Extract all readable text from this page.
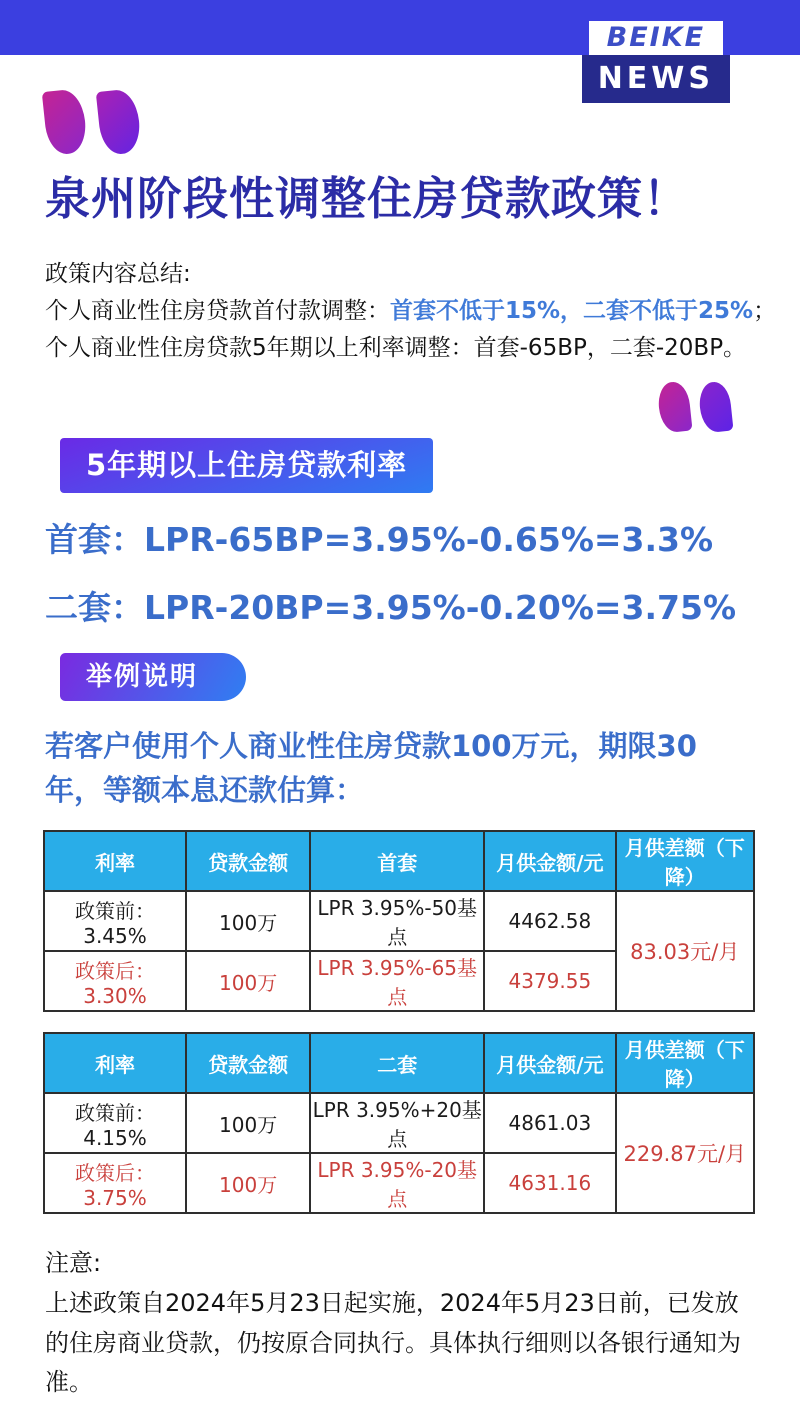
BEIKE
NEWS
泉州阶段性调整住房贷款政策！

政策内容总结:

个人商业性住房贷款首付款调整：首套不低于15%，二套不低于25%；

个人商业性住房贷款5年期以上利率调整：首套-65BP，二套-20BP。

5年期以上住房贷款利率
首套：LPR-65BP=3.95%-0.65%=3.3%
二套：LPR-20BP=3.95%-0.20%=3.75%
举例说明

若客户使用个人商业性住房贷款100万元，期限30年，等额本息还款估算：

利率	贷款金额	首套	月供金额/元	月供差额（下降）
政策前：3.45%	100万	LPR 3.95%-50基点	4462.58	83.03元/月
政策后：3.30%	100万	LPR 3.95%-65基点	4379.55	
利率	贷款金额	二套	月供金额/元	月供差额（下降）
政策前：4.15%	100万	LPR 3.95%+20基点	4861.03	229.87元/月
政策后：3.75%	100万	LPR 3.95%-20基点	4631.16	

注意:

上述政策自2024年5月23日起实施，2024年5月23日前，已发放的住房商业贷款，仍按原合同执行。具体执行细则以各银行通知为准。
